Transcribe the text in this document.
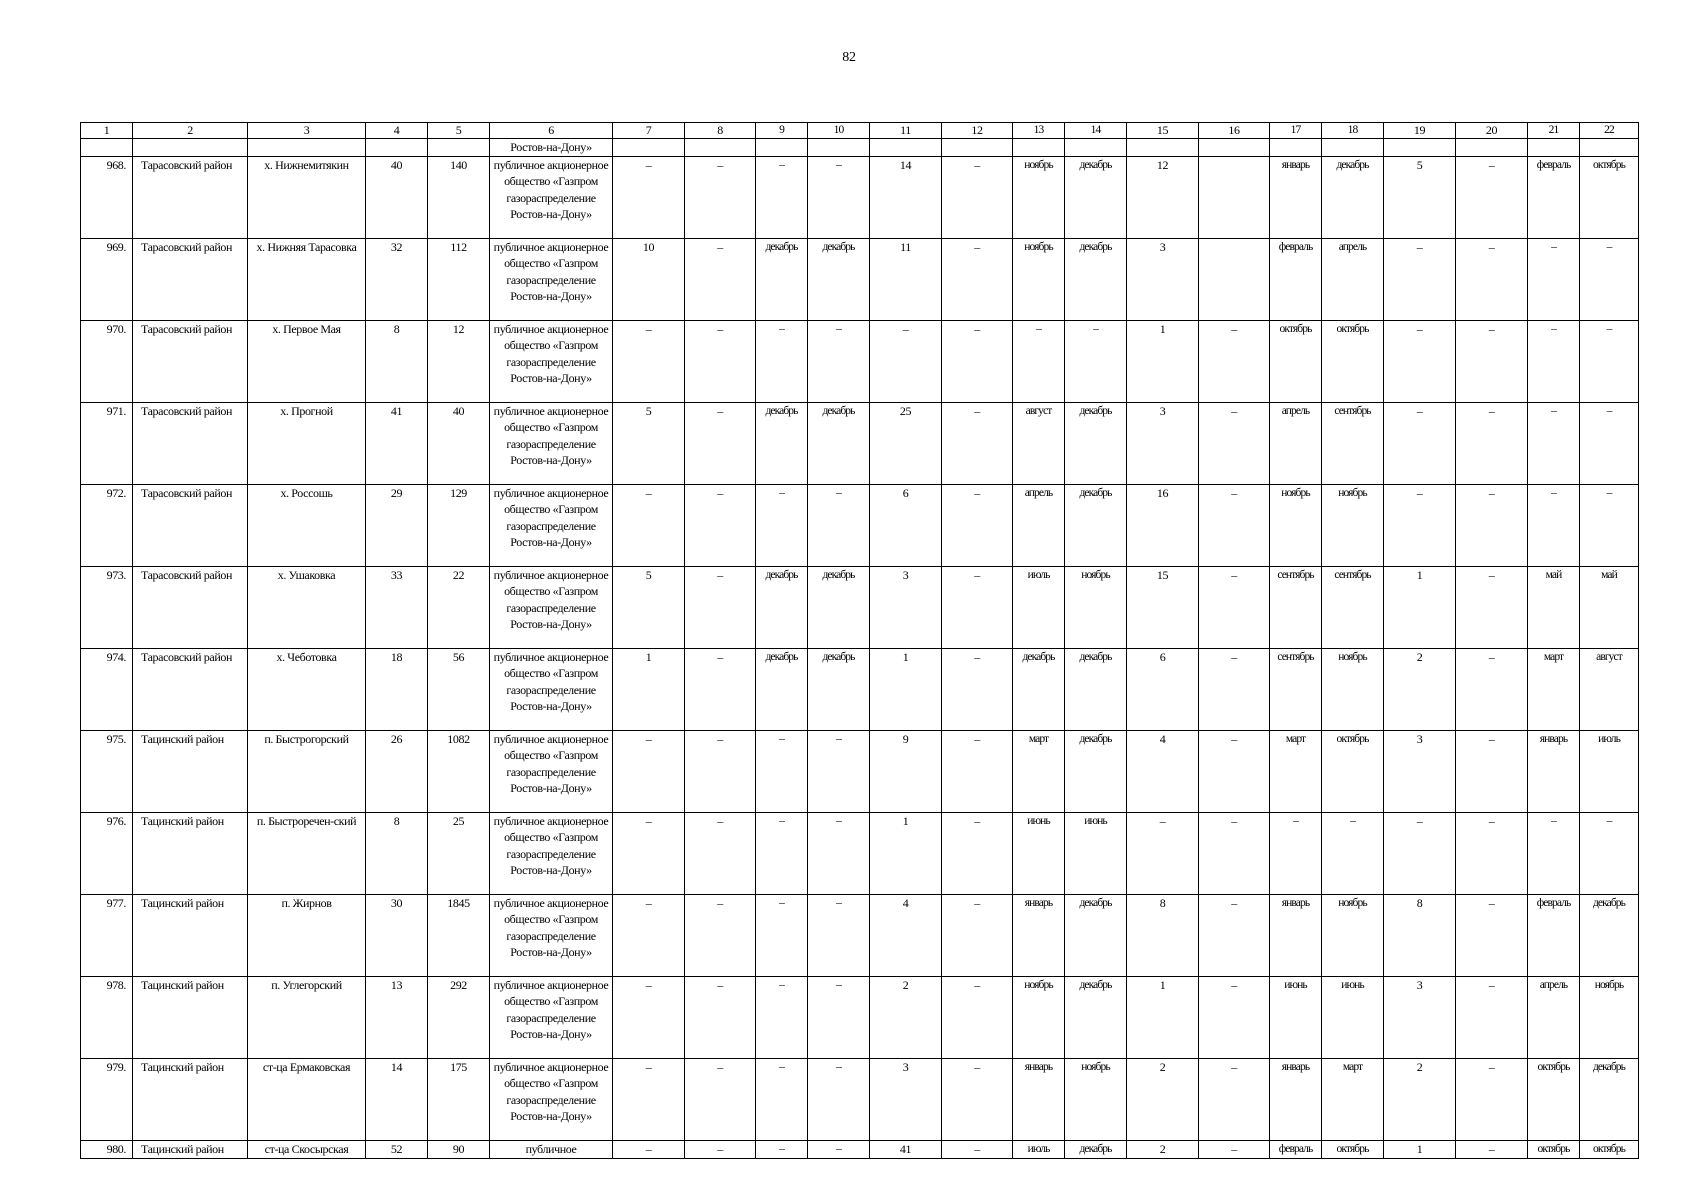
82
1	2	3	4	5	6	7	8	9	10	11	12	13	14	15	16	17	18	19	20	21	22
					Ростов-на-Дону»																
968.	Тарасовский район	х. Нижнемитякин	40	140	публичное акционерное общество «Газпром газораспределение Ростов-на-Дону»	–	–	–	–	14	–	ноябрь	декабрь	12		январь	декабрь	5	–	февраль	октябрь
969.	Тарасовский район	х. Нижняя Тарасовка	32	112	публичное акционерное общество «Газпром газораспределение Ростов-на-Дону»	10	–	декабрь	декабрь	11	–	ноябрь	декабрь	3		февраль	апрель	–	–	–	–
970.	Тарасовский район	х. Первое Мая	8	12	публичное акционерное общество «Газпром газораспределение Ростов-на-Дону»	–	–	–	–	–	–	–	–	1	–	октябрь	октябрь	–	–	–	–
971.	Тарасовский район	х. Прогной	41	40	публичное акционерное общество «Газпром газораспределение Ростов-на-Дону»	5	–	декабрь	декабрь	25	–	август	декабрь	3	–	апрель	сентябрь	–	–	–	–
972.	Тарасовский район	х. Россошь	29	129	публичное акционерное общество «Газпром газораспределение Ростов-на-Дону»	–	–	–	–	6	–	апрель	декабрь	16	–	ноябрь	ноябрь	–	–	–	–
973.	Тарасовский район	х. Ушаковка	33	22	публичное акционерное общество «Газпром газораспределение Ростов-на-Дону»	5	–	декабрь	декабрь	3	–	июль	ноябрь	15	–	сентябрь	сентябрь	1	–	май	май
974.	Тарасовский район	х. Чеботовка	18	56	публичное акционерное общество «Газпром газораспределение Ростов-на-Дону»	1	–	декабрь	декабрь	1	–	декабрь	декабрь	6	–	сентябрь	ноябрь	2	–	март	август
975.	Тацинский район	п. Быстрогорский	26	1082	публичное акционерное общество «Газпром газораспределение Ростов-на-Дону»	–	–	–	–	9	–	март	декабрь	4	–	март	октябрь	3	–	январь	июль
976.	Тацинский район	п. Быстроречен-ский	8	25	публичное акционерное общество «Газпром газораспределение Ростов-на-Дону»	–	–	–	–	1	–	июнь	июнь	–	–	–	–	–	–	–	–
977.	Тацинский район	п. Жирнов	30	1845	публичное акционерное общество «Газпром газораспределение Ростов-на-Дону»	–	–	–	–	4	–	январь	декабрь	8	–	январь	ноябрь	8	–	февраль	декабрь
978.	Тацинский район	п. Углегорский	13	292	публичное акционерное общество «Газпром газораспределение Ростов-на-Дону»	–	–	–	–	2	–	ноябрь	декабрь	1	–	июнь	июнь	3	–	апрель	ноябрь
979.	Тацинский район	ст-ца Ермаковская	14	175	публичное акционерное общество «Газпром газораспределение Ростов-на-Дону»	–	–	–	–	3	–	январь	ноябрь	2	–	январь	март	2	–	октябрь	декабрь
980.	Тацинский район	ст-ца Скосырская	52	90	публичное	–	–	–	–	41	–	июль	декабрь	2	–	февраль	октябрь	1	–	октябрь	октябрь
